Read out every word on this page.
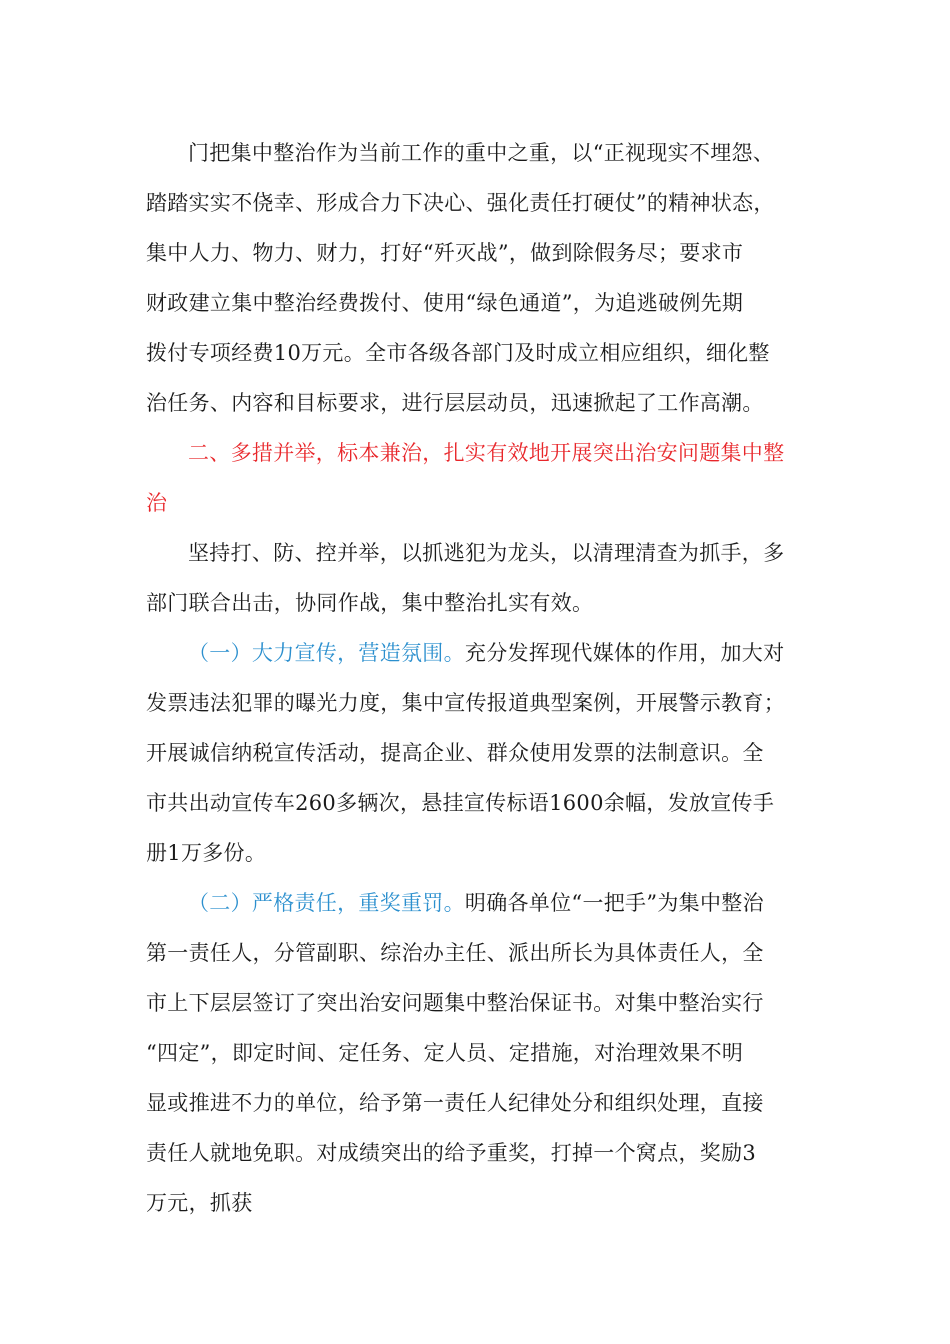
门把集中整治作为当前工作的重中之重，以“正视现实不埋怨、
踏踏实实不侥幸、形成合力下决心、强化责任打硬仗”的精神状态，
集中人力、物力、财力，打好“歼灭战”，做到除假务尽；要求市
财政建立集中整治经费拨付、使用“绿色通道”，为追逃破例先期
拨付专项经费10万元。全市各级各部门及时成立相应组织，细化整
治任务、内容和目标要求，进行层层动员，迅速掀起了工作高潮。
二、多措并举，标本兼治，扎实有效地开展突出治安问题集中整
治
坚持打、防、控并举，以抓逃犯为龙头，以清理清查为抓手，多
部门联合出击，协同作战，集中整治扎实有效。
（一）大力宣传，营造氛围。充分发挥现代媒体的作用，加大对
发票违法犯罪的曝光力度，集中宣传报道典型案例，开展警示教育；
开展诚信纳税宣传活动，提高企业、群众使用发票的法制意识。全
市共出动宣传车260多辆次，悬挂宣传标语1600余幅，发放宣传手
册1万多份。
（二）严格责任，重奖重罚。明确各单位“一把手”为集中整治
第一责任人，分管副职、综治办主任、派出所长为具体责任人，全
市上下层层签订了突出治安问题集中整治保证书。对集中整治实行
“四定”，即定时间、定任务、定人员、定措施，对治理效果不明
显或推进不力的单位，给予第一责任人纪律处分和组织处理，直接
责任人就地免职。对成绩突出的给予重奖，打掉一个窝点，奖励3
万元，抓获
